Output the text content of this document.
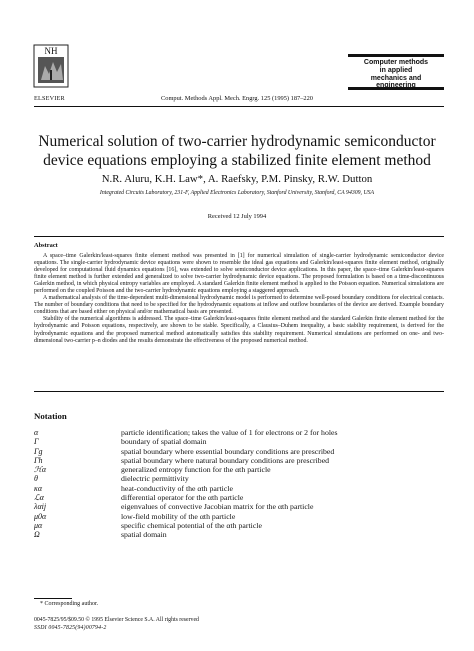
NH
ELSEVIER	Comput. Methods Appl. Mech. Engrg. 125 (1995) 187–220
Computer methods
in applied
mechanics and
engineering
Numerical solution of two-carrier hydrodynamic semiconductor
device equations employing a stabilized finite element method
N.R. Aluru, K.H. Law*, A. Raefsky, P.M. Pinsky, R.W. Dutton
Integrated Circuits Laboratory, 231-F, Applied Electronics Laboratory, Stanford University, Stanford, CA 94309, USA
Received 12 July 1994
Abstract

A space–time Galerkin/least-squares finite element method was presented in [1] for numerical simulation of single-carrier hydrodynamic semiconductor device equations. The single-carrier hydrodynamic device equations were shown to resemble the ideal gas equations and Galerkin/least-squares finite element method, originally developed for computational fluid dynamics equations [16], was extended to solve semiconductor device applications. In this paper, the space–time Galerkin/least-squares finite element method is further extended and generalized to solve two-carrier hydrodynamic device equations. The proposed formulation is based on a time-discontinuous Galerkin method, in which physical entropy variables are employed. A standard Galerkin finite element method is applied to the Poisson equation. Numerical simulations are performed on the coupled Poisson and the two-carrier hydrodynamic equations employing a staggered approach.

A mathematical analysis of the time-dependent multi-dimensional hydrodynamic model is performed to determine well-posed boundary conditions for electrical contacts. The number of boundary conditions that need to be specified for the hydrodynamic equations at inflow and outflow boundaries of the device are derived. Example boundary conditions that are based either on physical and/or mathematical basis are presented.

Stability of the numerical algorithms is addressed. The space–time Galerkin/least-squares finite element method and the standard Galerkin finite element method for the hydrodynamic and Poisson equations, respectively, are shown to be stable. Specifically, a Clausius–Duhem inequality, a basic stability requirement, is derived for the hydrodynamic equations and the proposed numerical method automatically satisfies this stability requirement. Numerical simulations are performed on one- and two-dimensional two-carrier p–n diodes and the results demonstrate the effectiveness of the proposed numerical method.

Notation
α	particle identification; takes the value of 1 for electrons or 2 for holes
Γ	boundary of spatial domain
Γg	spatial boundary where essential boundary conditions are prescribed
Γh	spatial boundary where natural boundary conditions are prescribed
ℋα	generalized entropy function for the αth particle
θ	dielectric permittivity
κα	heat-conductivity of the αth particle
ℒα	differential operator for the αth particle
λαij	eigenvalues of convective Jacobian matrix for the αth particle
μ0α	low-field mobility of the αth particle
μα	specific chemical potential of the αth particle
Ω	spatial domain
* Corresponding author.
0045-7825/95/$09.50 © 1995 Elsevier Science S.A. All rights reserved
SSDI 0045-7825(94)00794-2
